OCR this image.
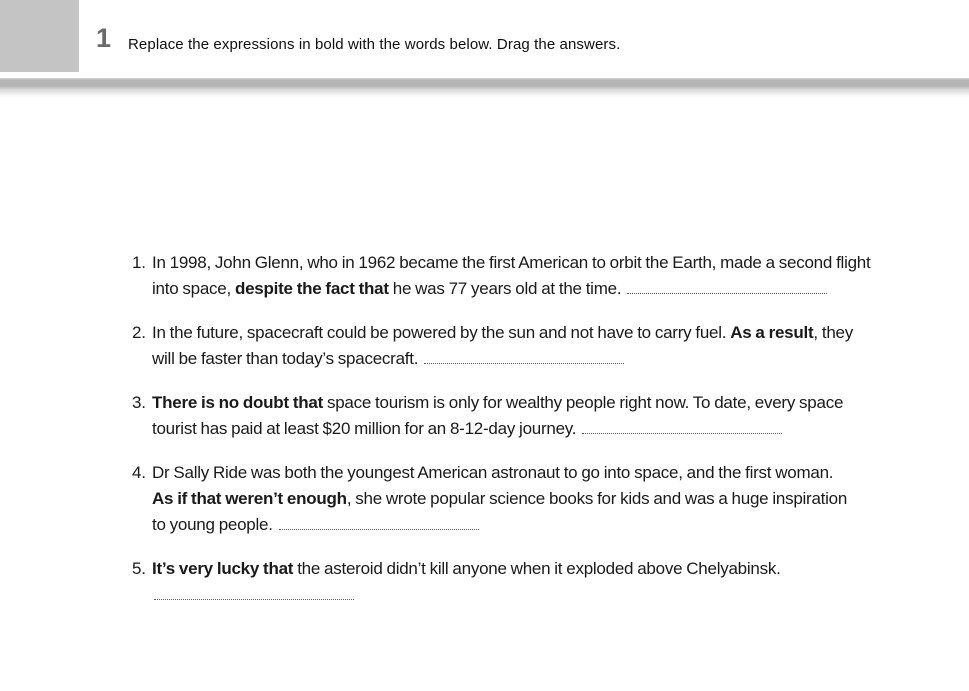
1 Replace the expressions in bold with the words below. Drag the answers.
1. In 1998, John Glenn, who in 1962 became the first American to orbit the Earth, made a second flight
into space, despite the fact that he was 77 years old at the time.
2. In the future, spacecraft could be powered by the sun and not have to carry fuel. As a result, they
will be faster than today’s spacecraft.
3. There is no doubt that space tourism is only for wealthy people right now. To date, every space
tourist has paid at least $20 million for an 8-12-day journey.
4. Dr Sally Ride was both the youngest American astronaut to go into space, and the first woman.
As if that weren’t enough, she wrote popular science books for kids and was a huge inspiration
to young people.
5. It’s very lucky that the asteroid didn’t kill anyone when it exploded above Chelyabinsk.
